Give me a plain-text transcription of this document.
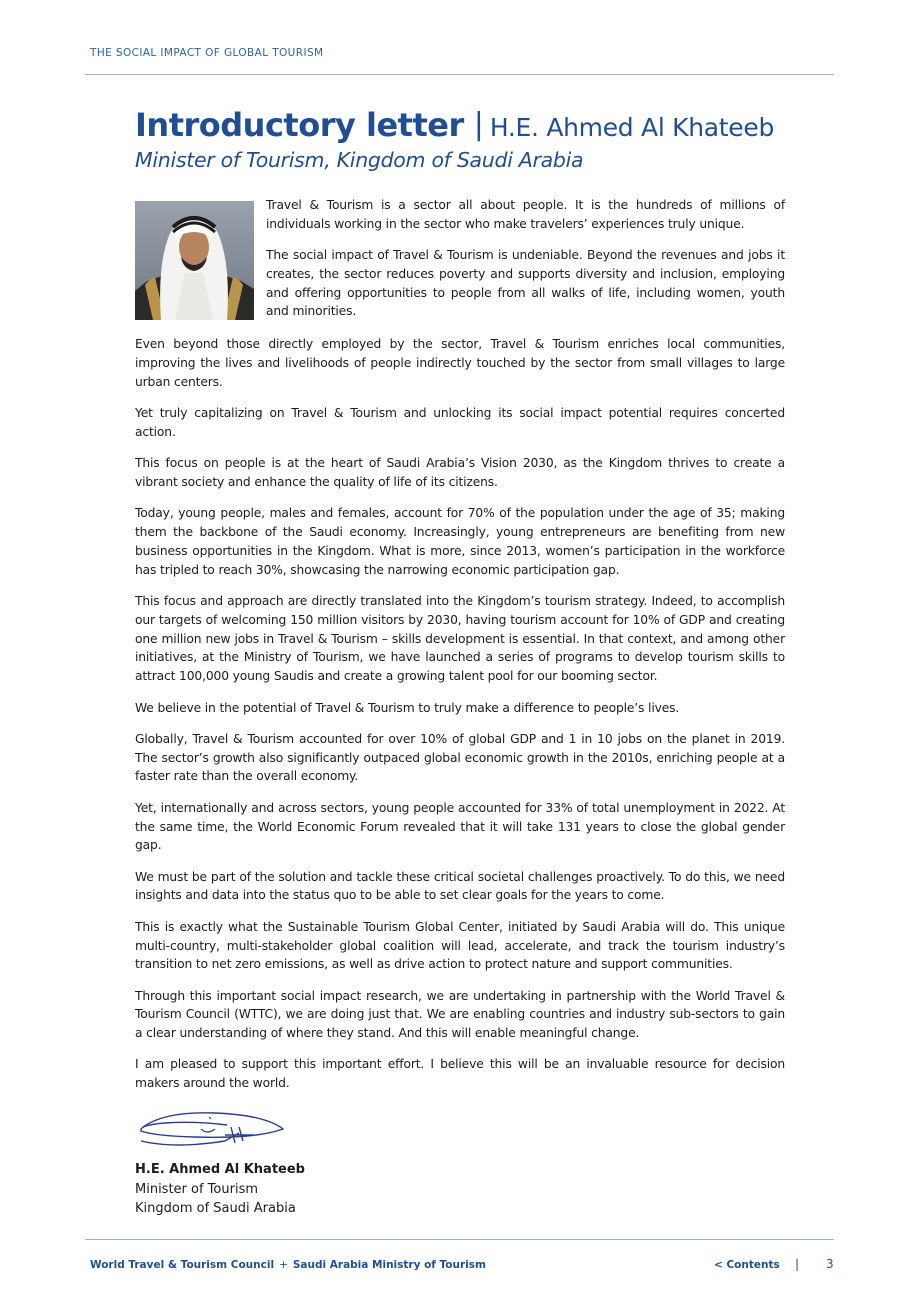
THE SOCIAL IMPACT OF GLOBAL TOURISM
Introductory letter | H.E. Ahmed Al Khateeb
Minister of Tourism, Kingdom of Saudi Arabia

Travel & Tourism is a sector all about people. It is the hundreds of millions of individuals working in the sector who make travelers’ experiences truly unique.

The social impact of Travel & Tourism is undeniable. Beyond the revenues and jobs it creates, the sector reduces poverty and supports diversity and inclusion, employing and offering opportunities to people from all walks of life, including women, youth and minorities.

Even beyond those directly employed by the sector, Travel & Tourism enriches local communities, improving the lives and livelihoods of people indirectly touched by the sector from small villages to large urban centers.

Yet truly capitalizing on Travel & Tourism and unlocking its social impact potential requires concerted action.

This focus on people is at the heart of Saudi Arabia’s Vision 2030, as the Kingdom thrives to create a vibrant society and enhance the quality of life of its citizens.

Today, young people, males and females, account for 70% of the population under the age of 35; making them the backbone of the Saudi economy. Increasingly, young entrepreneurs are benefiting from new business opportunities in the Kingdom. What is more, since 2013, women’s participation in the workforce has tripled to reach 30%, showcasing the narrowing economic participation gap.

This focus and approach are directly translated into the Kingdom’s tourism strategy. Indeed, to accomplish our targets of welcoming 150 million visitors by 2030, having tourism account for 10% of GDP and creating one million new jobs in Travel & Tourism – skills development is essential. In that context, and among other initiatives, at the Ministry of Tourism, we have launched a series of programs to develop tourism skills to attract 100,000 young Saudis and create a growing talent pool for our booming sector.

We believe in the potential of Travel & Tourism to truly make a difference to people’s lives.

Globally, Travel & Tourism accounted for over 10% of global GDP and 1 in 10 jobs on the planet in 2019. The sector’s growth also significantly outpaced global economic growth in the 2010s, enriching people at a faster rate than the overall economy.

Yet, internationally and across sectors, young people accounted for 33% of total unemployment in 2022. At the same time, the World Economic Forum revealed that it will take 131 years to close the global gender gap.

We must be part of the solution and tackle these critical societal challenges proactively. To do this, we need insights and data into the status quo to be able to set clear goals for the years to come.

This is exactly what the Sustainable Tourism Global Center, initiated by Saudi Arabia will do. This unique multi-country, multi-stakeholder global coalition will lead, accelerate, and track the tourism industry’s transition to net zero emissions, as well as drive action to protect nature and support communities.

Through this important social impact research, we are undertaking in partnership with the World Travel & Tourism Council (WTTC), we are doing just that. We are enabling countries and industry sub-sectors to gain a clear understanding of where they stand. And this will enable meaningful change.

I am pleased to support this important effort. I believe this will be an invaluable resource for decision makers around the world.

H.E. Ahmed Al Khateeb
Minister of Tourism
Kingdom of Saudi Arabia
World Travel & Tourism Council + Saudi Arabia Ministry of Tourism	< Contents | 3
